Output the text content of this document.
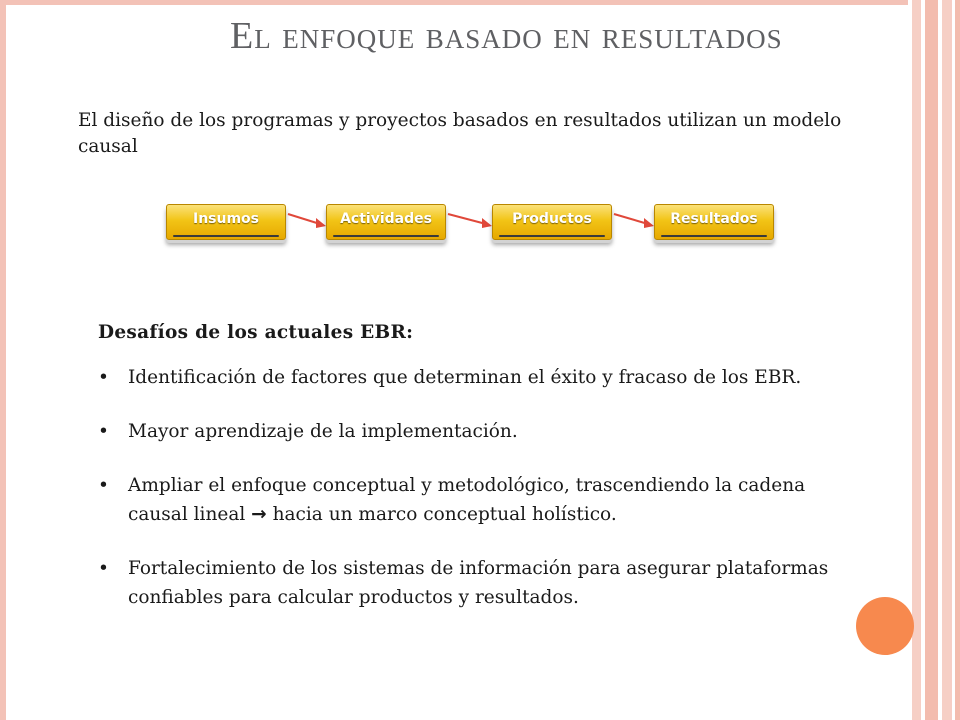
El enfoque basado en resultados
El diseño de los programas y proyectos basados en resultados utilizan un modelo causal
Insumos	Actividades	Productos	Resultados
Desafíos de los actuales EBR:
• Identificación de factores que determinan el éxito y fracaso de los EBR.
• Mayor aprendizaje de la implementación.
• Ampliar el enfoque conceptual y metodológico, trascendiendo la cadena causal lineal → hacia un marco conceptual holístico.
• Fortalecimiento de los sistemas de información para asegurar plataformas confiables para calcular productos y resultados.
